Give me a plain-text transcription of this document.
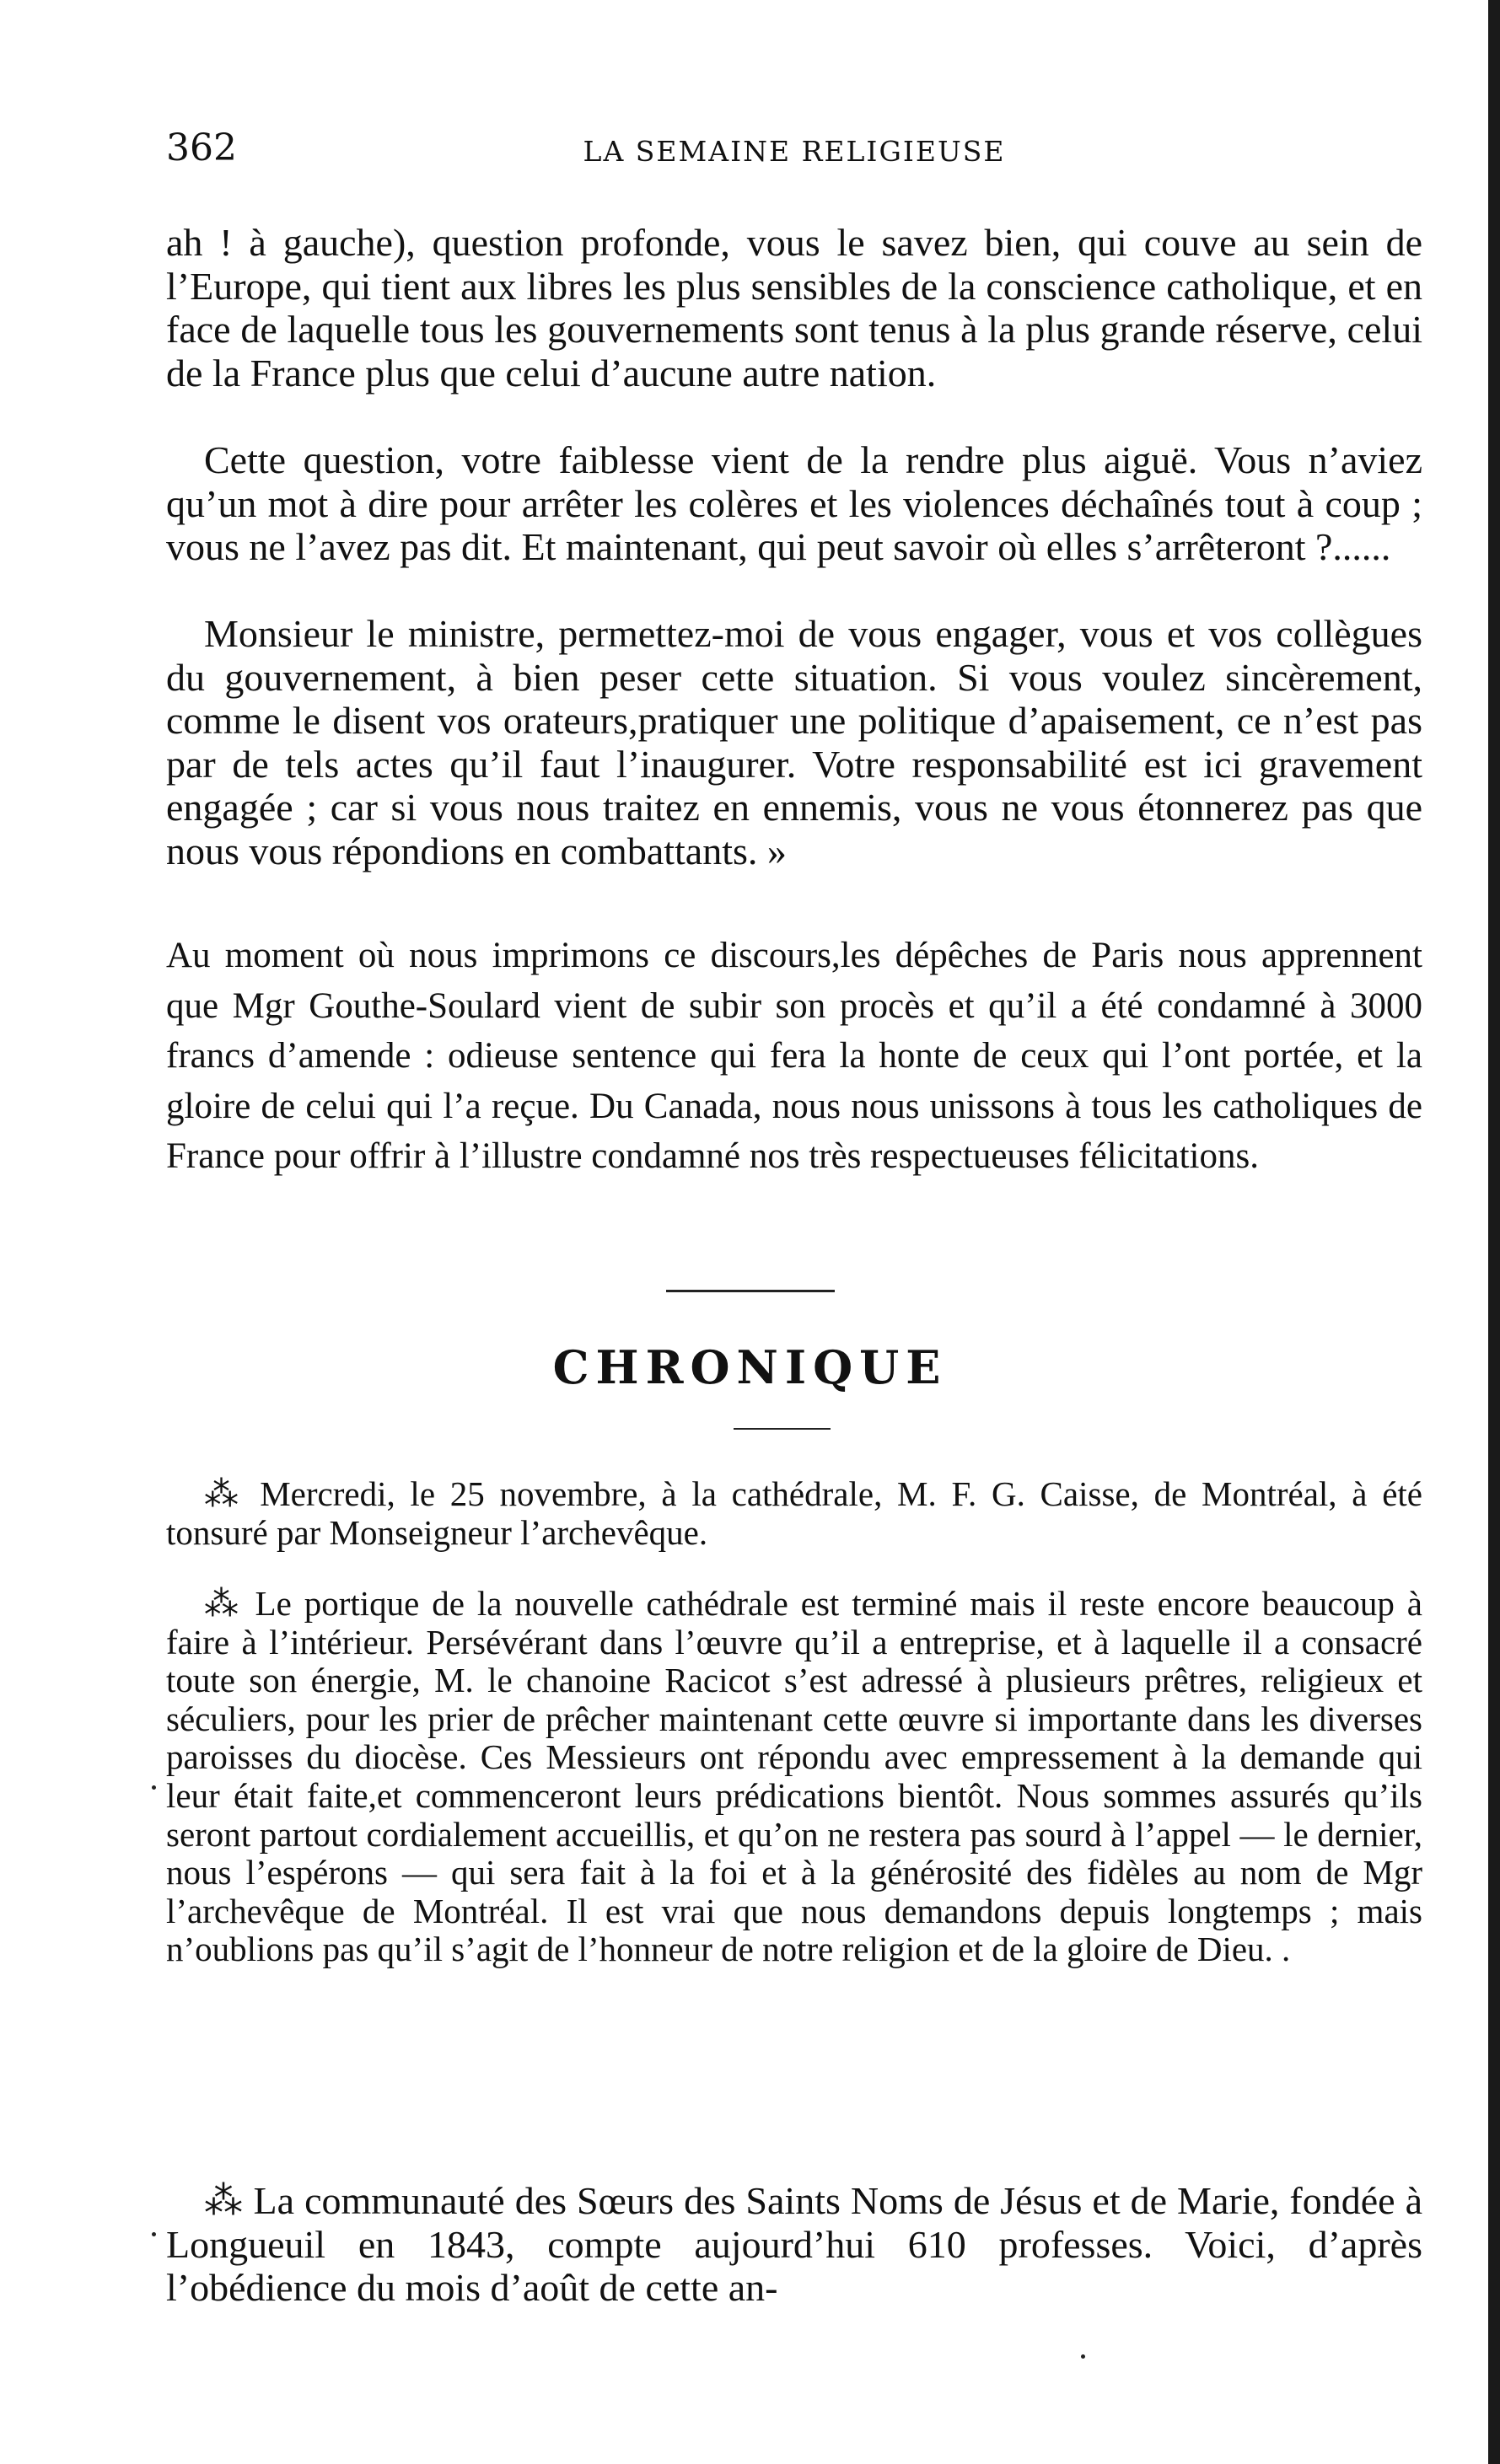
362	LA SEMAINE RELIGIEUSE

ah ! à gauche), question profonde, vous le savez bien, qui couve au sein de l’Europe, qui tient aux libres les plus sensibles de la conscience catholique, et en face de laquelle tous les gouvernements sont tenus à la plus grande réserve, celui de la France plus que celui d’aucune autre nation.

Cette question, votre faiblesse vient de la rendre plus aiguë. Vous n’aviez qu’un mot à dire pour arrêter les colères et les violences déchaînés tout à coup ; vous ne l’avez pas dit. Et maintenant, qui peut savoir où elles s’arrêteront ?......

Monsieur le ministre, permettez-moi de vous engager, vous et vos collègues du gouvernement, à bien peser cette situation. Si vous voulez sincèrement, comme le disent vos orateurs,pratiquer une politique d’apaisement, ce n’est pas par de tels actes qu’il faut l’inaugurer. Votre responsabilité est ici gravement engagée ; car si vous nous traitez en ennemis, vous ne vous étonnerez pas que nous vous répondions en combattants. »

Au moment où nous imprimons ce discours,les dépêches de Paris nous apprennent que Mgr Gouthe-Soulard vient de subir son procès et qu’il a été condamné à 3000 francs d’amende : odieuse sentence qui fera la honte de ceux qui l’ont portée, et la gloire de celui qui l’a reçue. Du Canada, nous nous unissons à tous les catholiques de France pour offrir à l’illustre condamné nos très respectueuses félicitations.

CHRONIQUE

⁂ Mercredi, le 25 novembre, à la cathédrale, M. F. G. Caisse, de Montréal, à été tonsuré par Monseigneur l’archevêque.

⁂ Le portique de la nouvelle cathédrale est terminé mais il reste encore beaucoup à faire à l’intérieur. Persévérant dans l’œuvre qu’il a entreprise, et à laquelle il a consacré toute son énergie, M. le chanoine Racicot s’est adressé à plusieurs prêtres, religieux et séculiers, pour les prier de prêcher maintenant cette œuvre si importante dans les diverses paroisses du diocèse. Ces Messieurs ont répondu avec empressement à la demande qui leur était faite,et commenceront leurs prédications bientôt. Nous sommes assurés qu’ils seront partout cordialement accueillis, et qu’on ne restera pas sourd à l’appel — le dernier, nous l’espérons — qui sera fait à la foi et à la générosité des fidèles au nom de Mgr l’archevêque de Montréal. Il est vrai que nous demandons depuis longtemps ; mais n’oublions pas qu’il s’agit de l’honneur de notre religion et de la gloire de Dieu. .

⁂ La communauté des Sœurs des Saints Noms de Jésus et de Marie, fondée à Longueuil en 1843, compte aujourd’hui 610 professes. Voici, d’après l’obédience du mois d’août de cette an-
